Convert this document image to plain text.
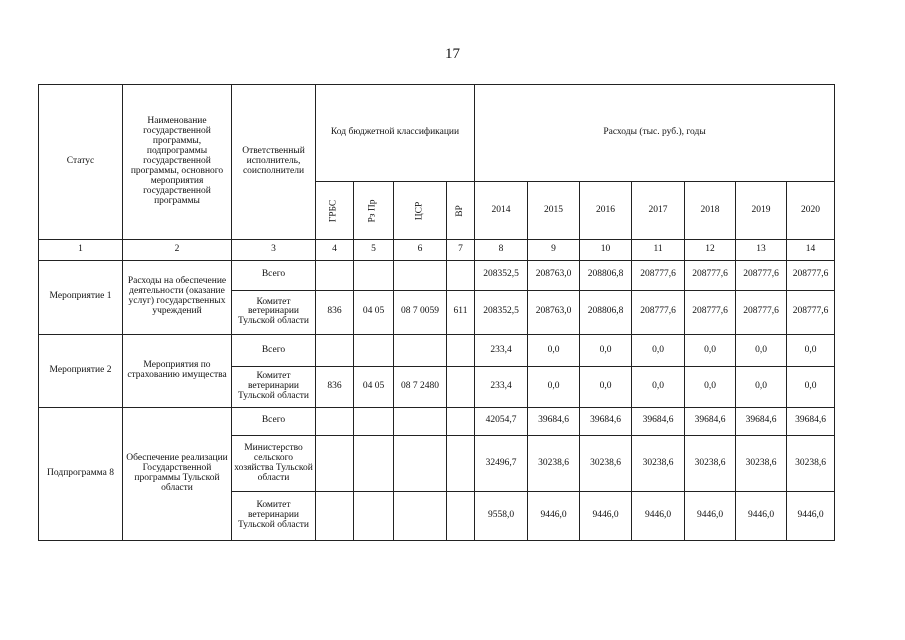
17
Статус	Наименование государственной программы, подпрограммы государственной программы, основного мероприятия государственной программы	Ответственный исполнитель, соисполнители	Код бюджетной классификации				Расходы (тыс. руб.), годы						
			ГРБС	Рз Пр	ЦСР	ВР	2014	2015	2016	2017	2018	2019	2020
1	2	3	4	5	6	7	8	9	10	11	12	13	14
Мероприятие 1	Расходы на обеспечение деятельности (оказание услуг) государственных учреждений	Всего					208352,5	208763,0	208806,8	208777,6	208777,6	208777,6	208777,6
		Комитет ветеринарии Тульской области	836	04 05	08 7 0059	611	208352,5	208763,0	208806,8	208777,6	208777,6	208777,6	208777,6
Мероприятие 2	Мероприятия по страхованию имущества	Всего					233,4	0,0	0,0	0,0	0,0	0,0	0,0
		Комитет ветеринарии Тульской области	836	04 05	08 7 2480		233,4	0,0	0,0	0,0	0,0	0,0	0,0
Подпрограмма 8	Обеспечение реализации Государственной программы Тульской области	Всего					42054,7	39684,6	39684,6	39684,6	39684,6	39684,6	39684,6
		Министерство сельского хозяйства Тульской области					32496,7	30238,6	30238,6	30238,6	30238,6	30238,6	30238,6
		Комитет ветеринарии Тульской области					9558,0	9446,0	9446,0	9446,0	9446,0	9446,0	9446,0
